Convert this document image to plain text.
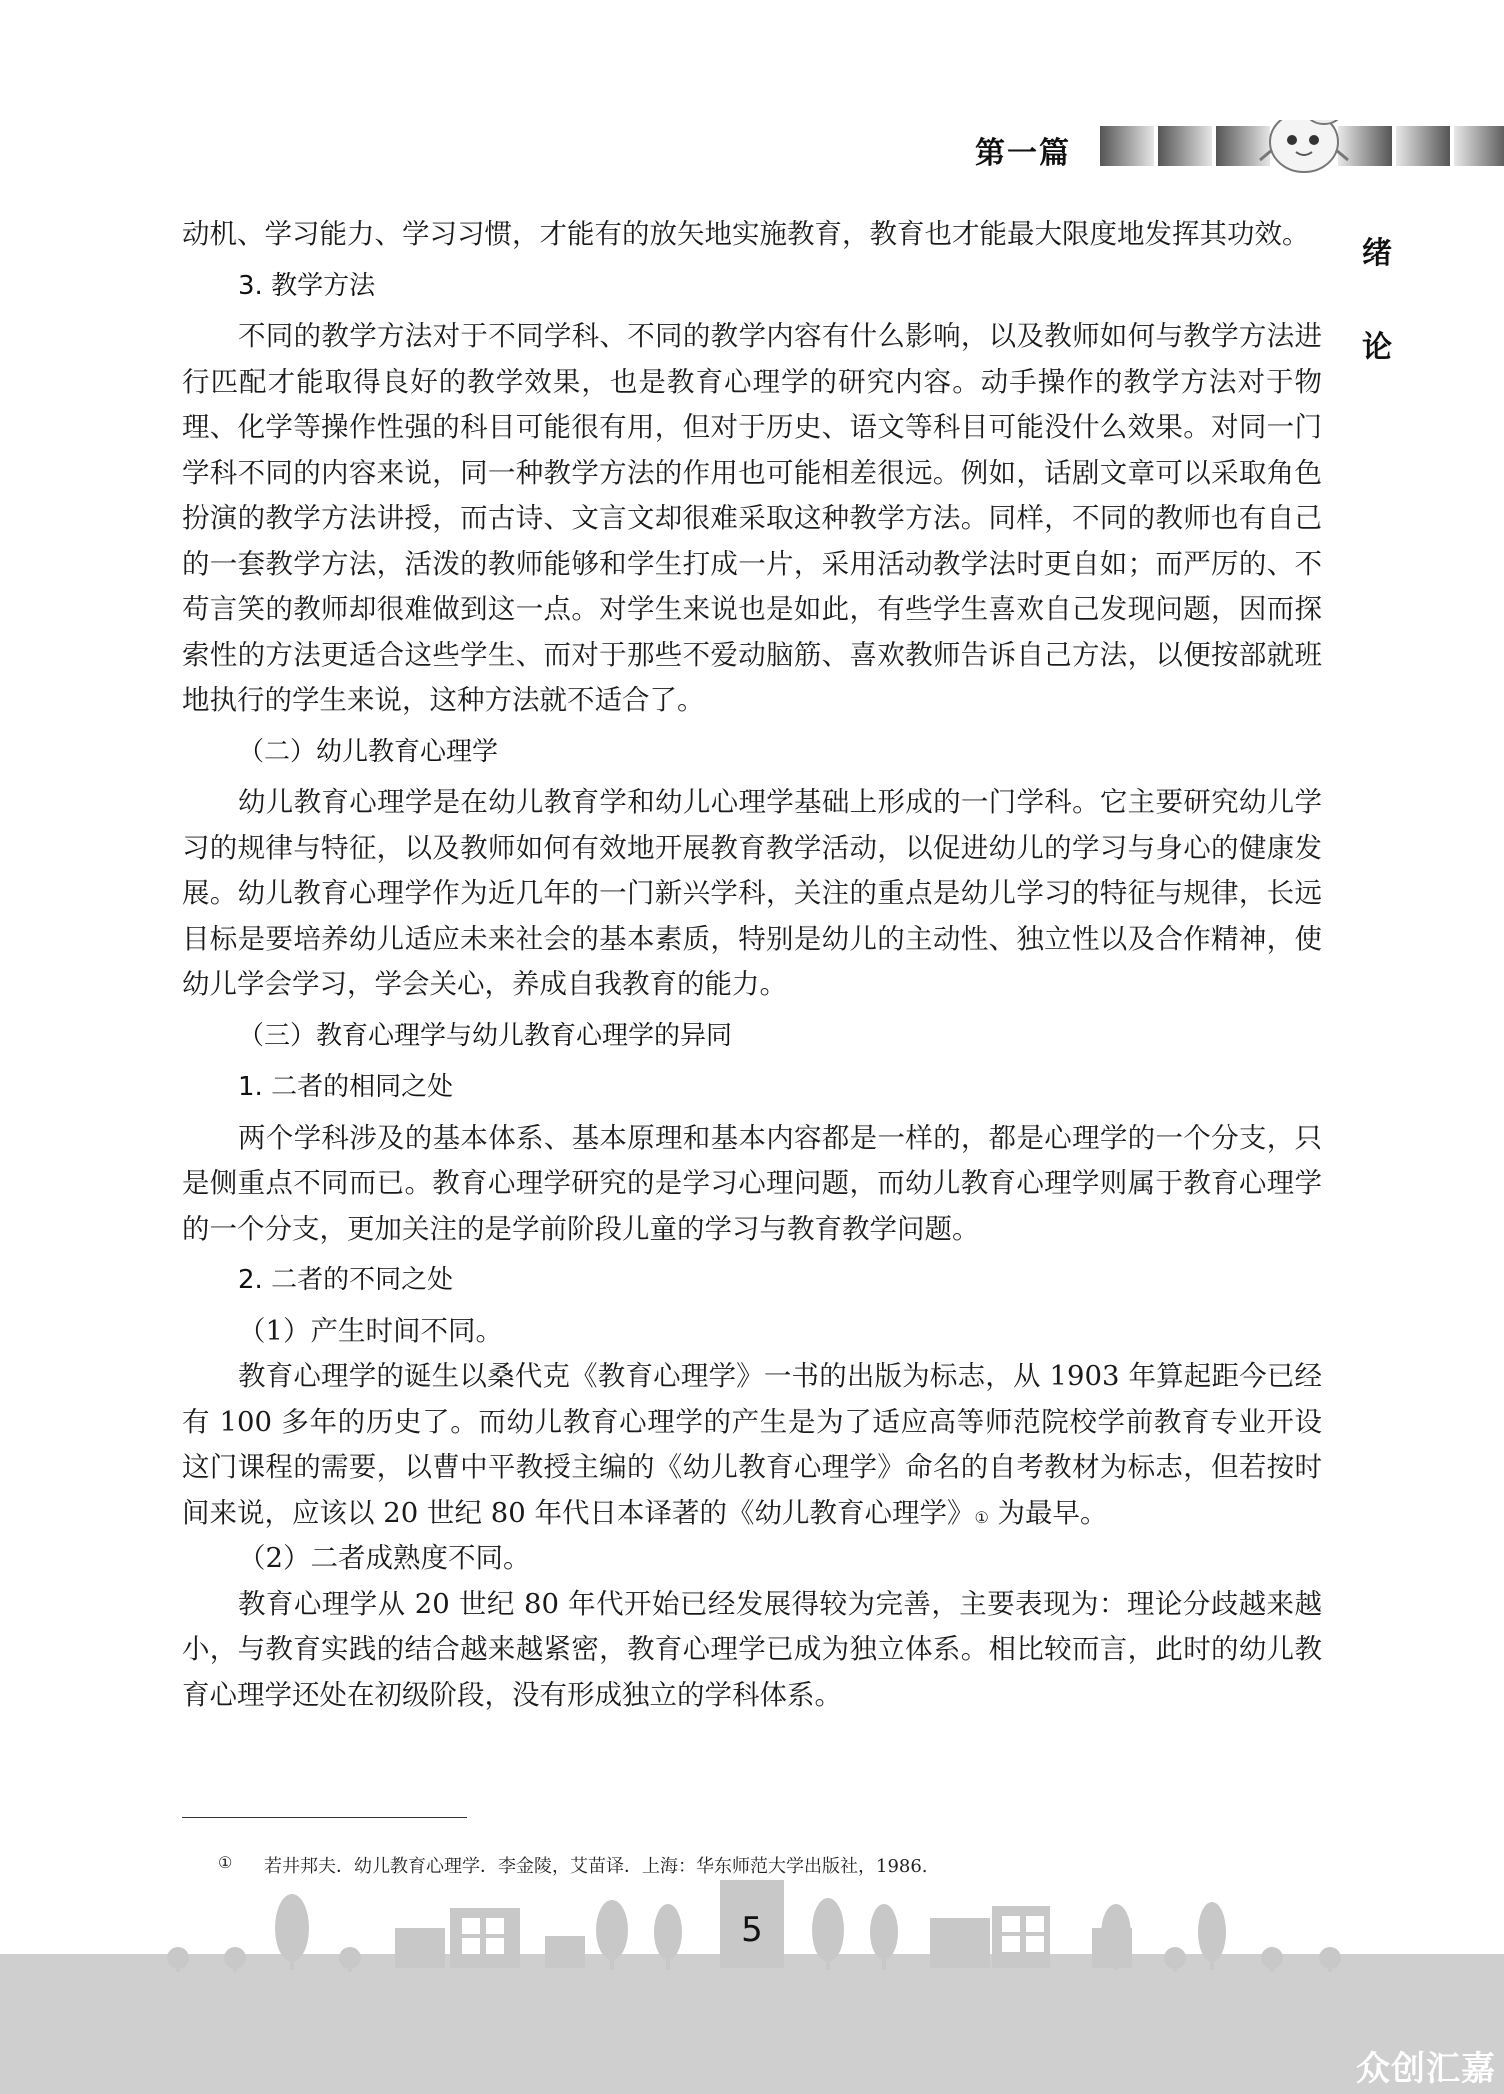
第一篇
绪
论

动机、学习能力、学习习惯，才能有的放矢地实施教育，教育也才能最大限度地发挥其功效。

3. 教学方法

不同的教学方法对于不同学科、不同的教学内容有什么影响，以及教师如何与教学方法进行匹配才能取得良好的教学效果，也是教育心理学的研究内容。动手操作的教学方法对于物理、化学等操作性强的科目可能很有用，但对于历史、语文等科目可能没什么效果。对同一门学科不同的内容来说，同一种教学方法的作用也可能相差很远。例如，话剧文章可以采取角色扮演的教学方法讲授，而古诗、文言文却很难采取这种教学方法。同样，不同的教师也有自己的一套教学方法，活泼的教师能够和学生打成一片，采用活动教学法时更自如；而严厉的、不苟言笑的教师却很难做到这一点。对学生来说也是如此，有些学生喜欢自己发现问题，因而探索性的方法更适合这些学生、而对于那些不爱动脑筋、喜欢教师告诉自己方法，以便按部就班地执行的学生来说，这种方法就不适合了。

（二）幼儿教育心理学

幼儿教育心理学是在幼儿教育学和幼儿心理学基础上形成的一门学科。它主要研究幼儿学习的规律与特征，以及教师如何有效地开展教育教学活动，以促进幼儿的学习与身心的健康发展。幼儿教育心理学作为近几年的一门新兴学科，关注的重点是幼儿学习的特征与规律，长远目标是要培养幼儿适应未来社会的基本素质，特别是幼儿的主动性、独立性以及合作精神，使幼儿学会学习，学会关心，养成自我教育的能力。

（三）教育心理学与幼儿教育心理学的异同
1. 二者的相同之处

两个学科涉及的基本体系、基本原理和基本内容都是一样的，都是心理学的一个分支，只是侧重点不同而已。教育心理学研究的是学习心理问题，而幼儿教育心理学则属于教育心理学的一个分支，更加关注的是学前阶段儿童的学习与教育教学问题。

2. 二者的不同之处

（1）产生时间不同。

教育心理学的诞生以桑代克《教育心理学》一书的出版为标志，从 1903 年算起距今已经有 100 多年的历史了。而幼儿教育心理学的产生是为了适应高等师范院校学前教育专业开设这门课程的需要，以曹中平教授主编的《幼儿教育心理学》命名的自考教材为标志，但若按时间来说，应该以 20 世纪 80 年代日本译著的《幼儿教育心理学》① 为最早。

（2）二者成熟度不同。

教育心理学从 20 世纪 80 年代开始已经发展得较为完善，主要表现为：理论分歧越来越小，与教育实践的结合越来越紧密，教育心理学已成为独立体系。相比较而言，此时的幼儿教育心理学还处在初级阶段，没有形成独立的学科体系。

① 若井邦夫．幼儿教育心理学．李金陵，艾苗译．上海：华东师范大学出版社，1986.
5
众创汇嘉
